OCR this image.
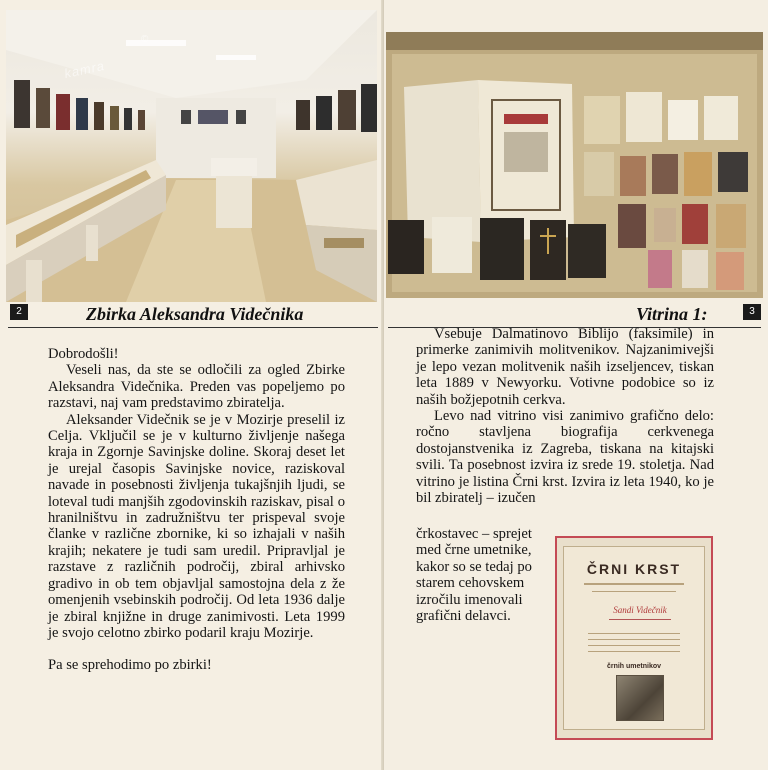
©
kamra
2	Zbirka Aleksandra Videčnika

Dobrodošli!

Veseli nas, da ste se odločili za ogled Zbirke Aleksandra Videčnika. Preden vas popeljemo po razstavi, naj vam predstavimo zbiratelja.

Aleksander Videčnik se je v Mozirje preselil iz Celja. Vključil se je v kulturno življenje našega kraja in Zgornje Savinjske doline. Skoraj deset let je urejal časopis Savinjske novice, raziskoval navade in posebnosti življenja tukajšnjih ljudi, se loteval tudi manjših zgodovinskih raziskav, pisal o hranilništvu in zadružništvu ter prispeval svoje članke v različne zbornike, ki so izhajali v naših krajih; nekatere je tudi sam uredil. Pripravljal je razstave z različnih področij, zbiral arhivsko gradivo in ob tem objavljal samostojna dela z že omenjenih vsebinskih področij. Od leta 1936 dalje je zbiral knjižne in druge zanimivosti. Leta 1999 je svojo celotno zbirko podaril kraju Mozirje.

Pa se sprehodimo po zbirki!

3
Vitrina 1:

Vsebuje Dalmatinovo Biblijo (faksimile) in primerke zanimivih molitvenikov. Najzanimivejši je lepo vezan molitvenik naših izseljencev, tiskan leta 1889 v Newyorku. Votivne podobice so iz naših božjepotnih cerkva.

Levo nad vitrino visi zanimivo grafično delo: ročno stavljena biografija cerkvenega dostojanstvenika iz Zagreba, tiskana na kitajski svili. Ta posebnost izvira iz srede 19. stoletja. Nad vitrino je listina Črni krst. Izvira iz leta 1940, ko je bil zbiratelj – izučen

črkostavec – sprejet med črne umetnike, kakor so se tedaj po starem cehovskem izročilu imenovali grafični delavci.

ČRNI KRST
Sandi Videčnik
črnih umetnikov
